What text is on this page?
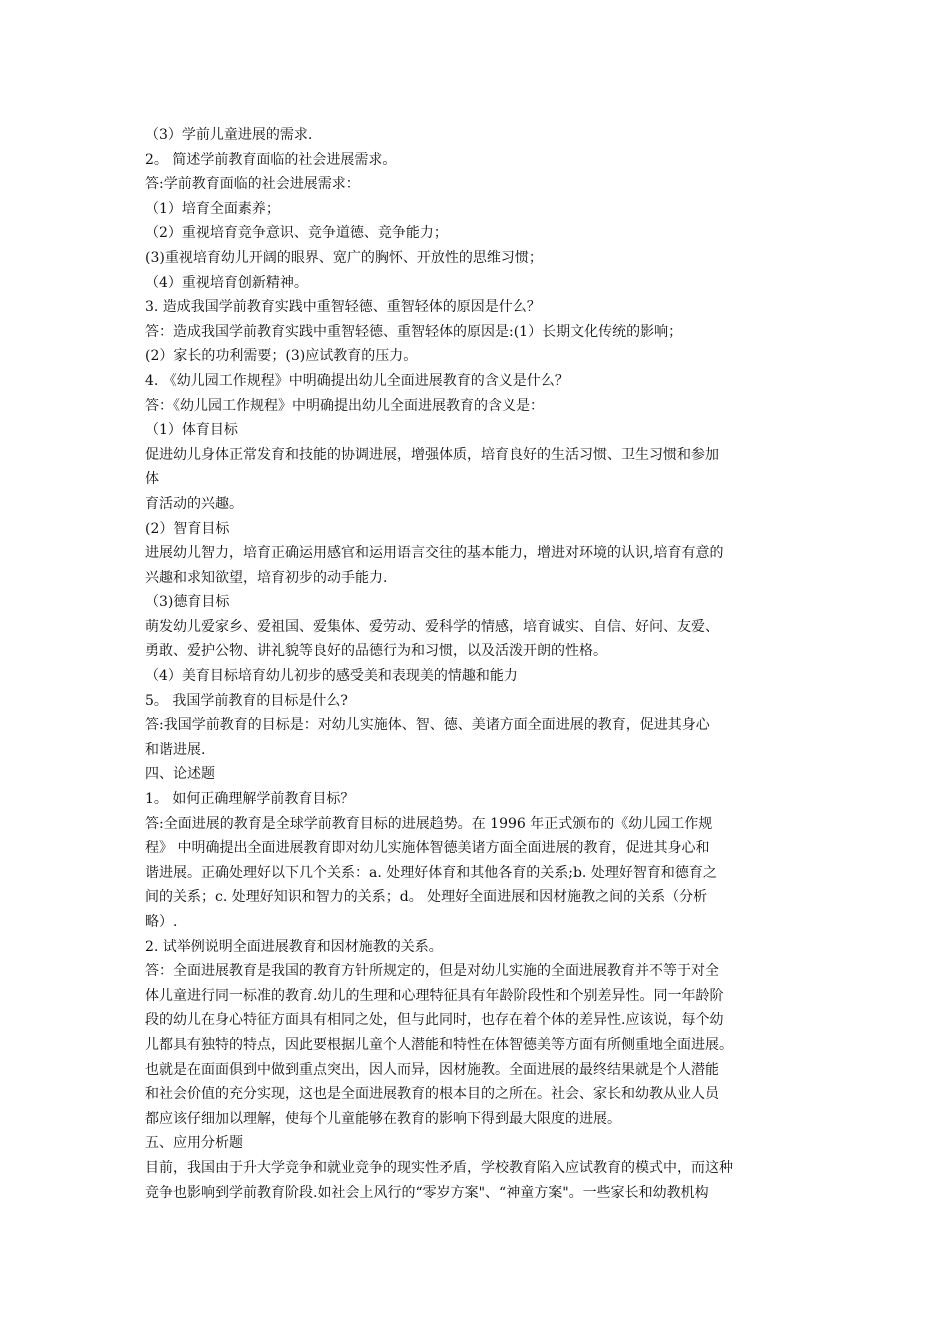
（3）学前儿童进展的需求.
2。 简述学前教育面临的社会进展需求。
答:学前教育面临的社会进展需求：
（1）培育全面素养；
（2）重视培育竞争意识、竞争道德、竞争能力；
(3)重视培育幼儿开阔的眼界、宽广的胸怀、开放性的思维习惯；
（4）重视培育创新精神。
3. 造成我国学前教育实践中重智轻德、重智轻体的原因是什么？
答：造成我国学前教育实践中重智轻德、重智轻体的原因是:(1）长期文化传统的影响；
(2）家长的功利需要；(3)应试教育的压力。
4. 《幼儿园工作规程》中明确提出幼儿全面进展教育的含义是什么？
答：《幼儿园工作规程》中明确提出幼儿全面进展教育的含义是：
（1）体育目标
促进幼儿身体正常发育和技能的协调进展，增强体质，培育良好的生活习惯、卫生习惯和参加
体
育活动的兴趣。
(2）智育目标
进展幼儿智力，培育正确运用感官和运用语言交往的基本能力，增进对环境的认识,培育有意的
兴趣和求知欲望，培育初步的动手能力.
（3)德育目标
萌发幼儿爱家乡、爱祖国、爱集体、爱劳动、爱科学的情感，培育诚实、自信、好问、友爱、
勇敢、爱护公物、讲礼貌等良好的品德行为和习惯，以及活泼开朗的性格。
（4）美育目标培育幼儿初步的感受美和表现美的情趣和能力
5。 我国学前教育的目标是什么?
答:我国学前教育的目标是：对幼儿实施体、智、德、美诸方面全面进展的教育，促进其身心
和谐进展.
四、论述题
1。 如何正确理解学前教育目标？
答:全面进展的教育是全球学前教育目标的进展趋势。在 1996 年正式颁布的《幼儿园工作规
程》 中明确提出全面进展教育即对幼儿实施体智德美诸方面全面进展的教育，促进其身心和
谐进展。正确处理好以下几个关系：a. 处理好体育和其他各育的关系;b. 处理好智育和德育之
间的关系；c. 处理好知识和智力的关系；d。 处理好全面进展和因材施教之间的关系（分析
略）.
2. 试举例说明全面进展教育和因材施教的关系。
答：全面进展教育是我国的教育方针所规定的，但是对幼儿实施的全面进展教育并不等于对全
体儿童进行同一标准的教育.幼儿的生理和心理特征具有年龄阶段性和个别差异性。同一年龄阶
段的幼儿在身心特征方面具有相同之处，但与此同时，也存在着个体的差异性.应该说，每个幼
儿都具有独特的特点，因此要根据儿童个人潜能和特性在体智德美等方面有所侧重地全面进展。
也就是在面面俱到中做到重点突出，因人而异，因材施教。全面进展的最终结果就是个人潜能
和社会价值的充分实现，这也是全面进展教育的根本目的之所在。社会、家长和幼教从业人员
都应该仔细加以理解，使每个儿童能够在教育的影响下得到最大限度的进展。
五、应用分析题
目前，我国由于升大学竞争和就业竞争的现实性矛盾，学校教育陷入应试教育的模式中，而这种
竞争也影响到学前教育阶段.如社会上风行的“零岁方案"、“神童方案"。一些家长和幼教机构
